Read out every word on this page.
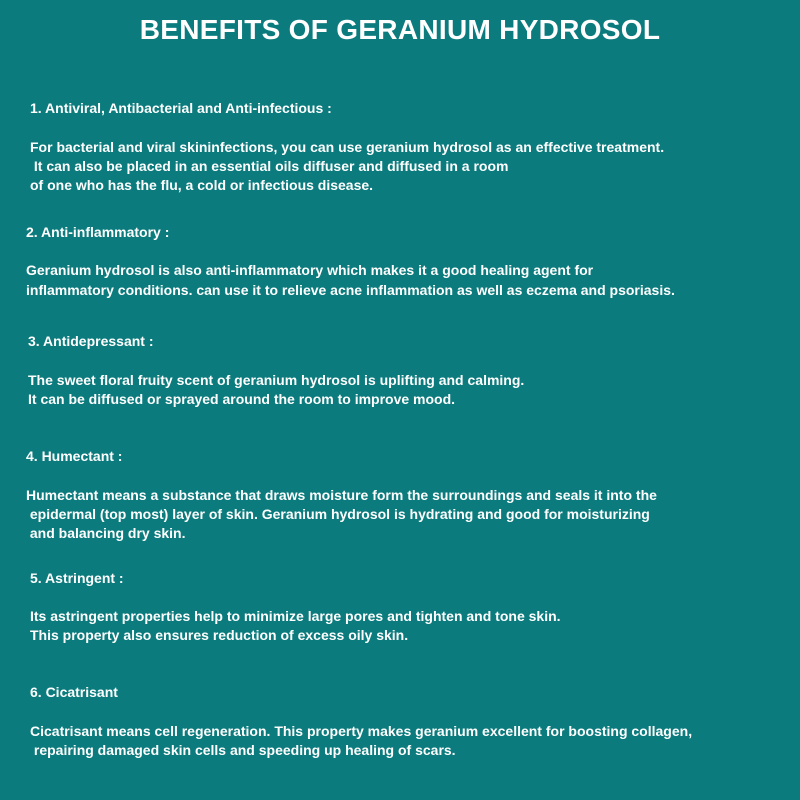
BENEFITS OF GERANIUM HYDROSOL

1. Antiviral, Antibacterial and Anti-infectious :

For bacterial and viral skininfections, you can use geranium hydrosol as an effective treatment.

It can also be placed in an essential oils diffuser and diffused in a room

of one who has the flu, a cold or infectious disease.

2. Anti-inflammatory :

Geranium hydrosol is also anti-inflammatory which makes it a good healing agent for

inflammatory conditions. can use it to relieve acne inflammation as well as eczema and psoriasis.

3. Antidepressant :

The sweet floral fruity scent of geranium hydrosol is uplifting and calming.

It can be diffused or sprayed around the room to improve mood.

4. Humectant :

Humectant means a substance that draws moisture form the surroundings and seals it into the

epidermal (top most) layer of skin. Geranium hydrosol is hydrating and good for moisturizing

and balancing dry skin.

5. Astringent :

Its astringent properties help to minimize large pores and tighten and tone skin.

This property also ensures reduction of excess oily skin.

6. Cicatrisant

Cicatrisant means cell regeneration. This property makes geranium excellent for boosting collagen,

repairing damaged skin cells and speeding up healing of scars.
